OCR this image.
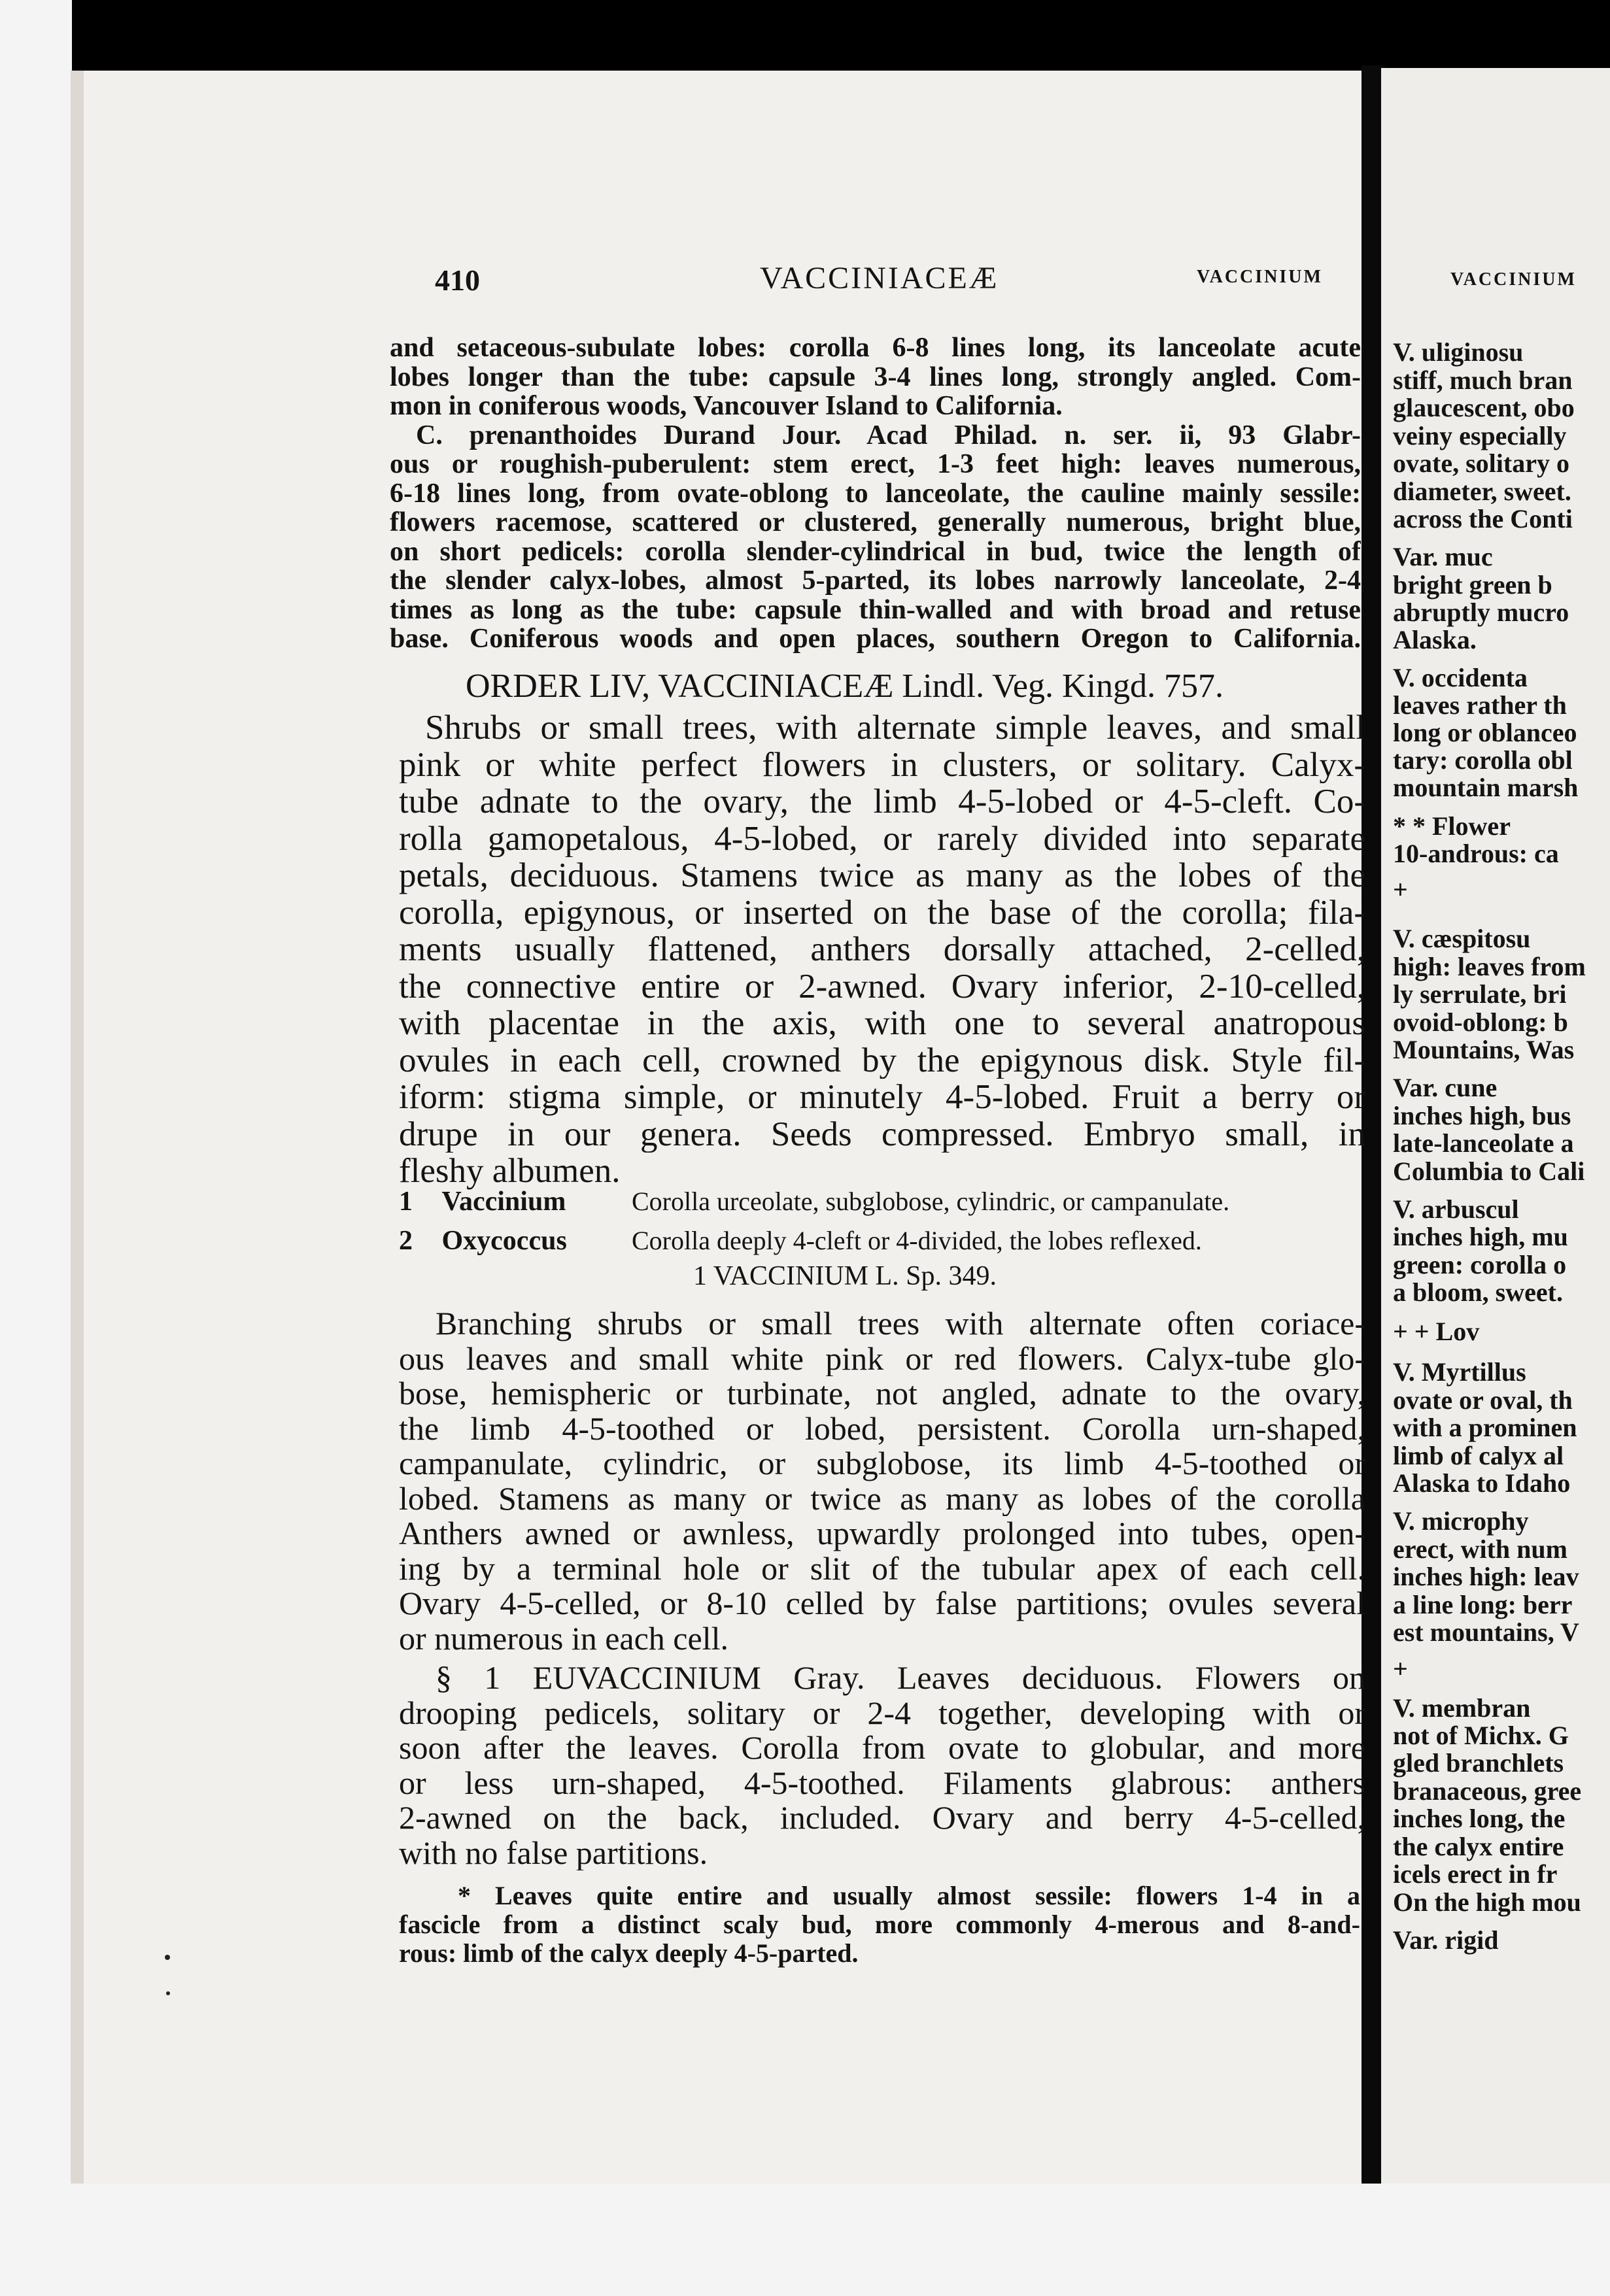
410	VACCINIACEÆ	VACCINIUM
and setaceous-subulate lobes: corolla 6-8 lines long, its lanceolate acute
lobes longer than the tube: capsule 3-4 lines long, strongly angled. Com-
mon in coniferous woods, Vancouver Island to California.
C. prenanthoides Durand Jour. Acad Philad. n. ser. ii, 93 Glabr-
ous or roughish-puberulent: stem erect, 1-3 feet high: leaves numerous,
6-18 lines long, from ovate-oblong to lanceolate, the cauline mainly sessile:
flowers racemose, scattered or clustered, generally numerous, bright blue,
on short pedicels: corolla slender-cylindrical in bud, twice the length of
the slender calyx-lobes, almost 5-parted, its lobes narrowly lanceolate, 2-4
times as long as the tube: capsule thin-walled and with broad and retuse
base. Coniferous woods and open places, southern Oregon to California.
ORDER LIV, VACCINIACEÆ Lindl. Veg. Kingd. 757.
Shrubs or small trees, with alternate simple leaves, and small
pink or white perfect flowers in clusters, or solitary. Calyx-
tube adnate to the ovary, the limb 4-5-lobed or 4-5-cleft. Co-
rolla gamopetalous, 4-5-lobed, or rarely divided into separate
petals, deciduous. Stamens twice as many as the lobes of the
corolla, epigynous, or inserted on the base of the corolla; fila-
ments usually flattened, anthers dorsally attached, 2-celled,
the connective entire or 2-awned. Ovary inferior, 2-10-celled,
with placentae in the axis, with one to several anatropous
ovules in each cell, crowned by the epigynous disk. Style fil-
iform: stigma simple, or minutely 4-5-lobed. Fruit a berry or
drupe in our genera. Seeds compressed. Embryo small, in
fleshy albumen.
1 Vaccinium	Corolla urceolate, subglobose, cylindric, or campanulate.
2 Oxycoccus Corolla deeply 4-cleft or 4-divided, the lobes reflexed.
1 VACCINIUM L. Sp. 349.
Branching shrubs or small trees with alternate often coriace-
ous leaves and small white pink or red flowers. Calyx-tube glo-
bose, hemispheric or turbinate, not angled, adnate to the ovary,
the limb 4-5-toothed or lobed, persistent. Corolla urn-shaped,
campanulate, cylindric, or subglobose, its limb 4-5-toothed or
lobed. Stamens as many or twice as many as lobes of the corolla
Anthers awned or awnless, upwardly prolonged into tubes, open-
ing by a terminal hole or slit of the tubular apex of each cell.
Ovary 4-5-celled, or 8-10 celled by false partitions; ovules several
or numerous in each cell.
§ 1 EUVACCINIUM Gray. Leaves deciduous. Flowers on
drooping pedicels, solitary or 2-4 together, developing with or
soon after the leaves. Corolla from ovate to globular, and more
or less urn-shaped, 4-5-toothed. Filaments glabrous: anthers
2-awned on the back, included. Ovary and berry 4-5-celled,
with no false partitions.
* Leaves quite entire and usually almost sessile: flowers 1-4 in a
fascicle from a distinct scaly bud, more commonly 4-merous and 8-and-
rous: limb of the calyx deeply 4-5-parted.
VACCINIUM
V. uliginosu
stiff, much bran
glaucescent, obo
veiny especially
ovate, solitary o
diameter, sweet.
across the Conti
Var. muc
bright green b
abruptly mucro
Alaska.
V. occidenta
leaves rather th
long or oblanceo
tary: corolla obl
mountain marsh
* * Flower
10-androus: ca
+
V. cæspitosu
high: leaves from
ly serrulate, bri
ovoid-oblong: b
Mountains, Was
Var. cune
inches high, bus
late-lanceolate a
Columbia to Cali
V. arbuscul
inches high, mu
green: corolla o
a bloom, sweet.
+ + Lov
V. Myrtillus
ovate or oval, th
with a prominen
limb of calyx al
Alaska to Idaho
V. microphy
erect, with num
inches high: leav
a line long: berr
est mountains, V
+
V. membran
not of Michx. G
gled branchlets
branaceous, gree
inches long, the
the calyx entire
icels erect in fr
On the high mou
Var. rigid
